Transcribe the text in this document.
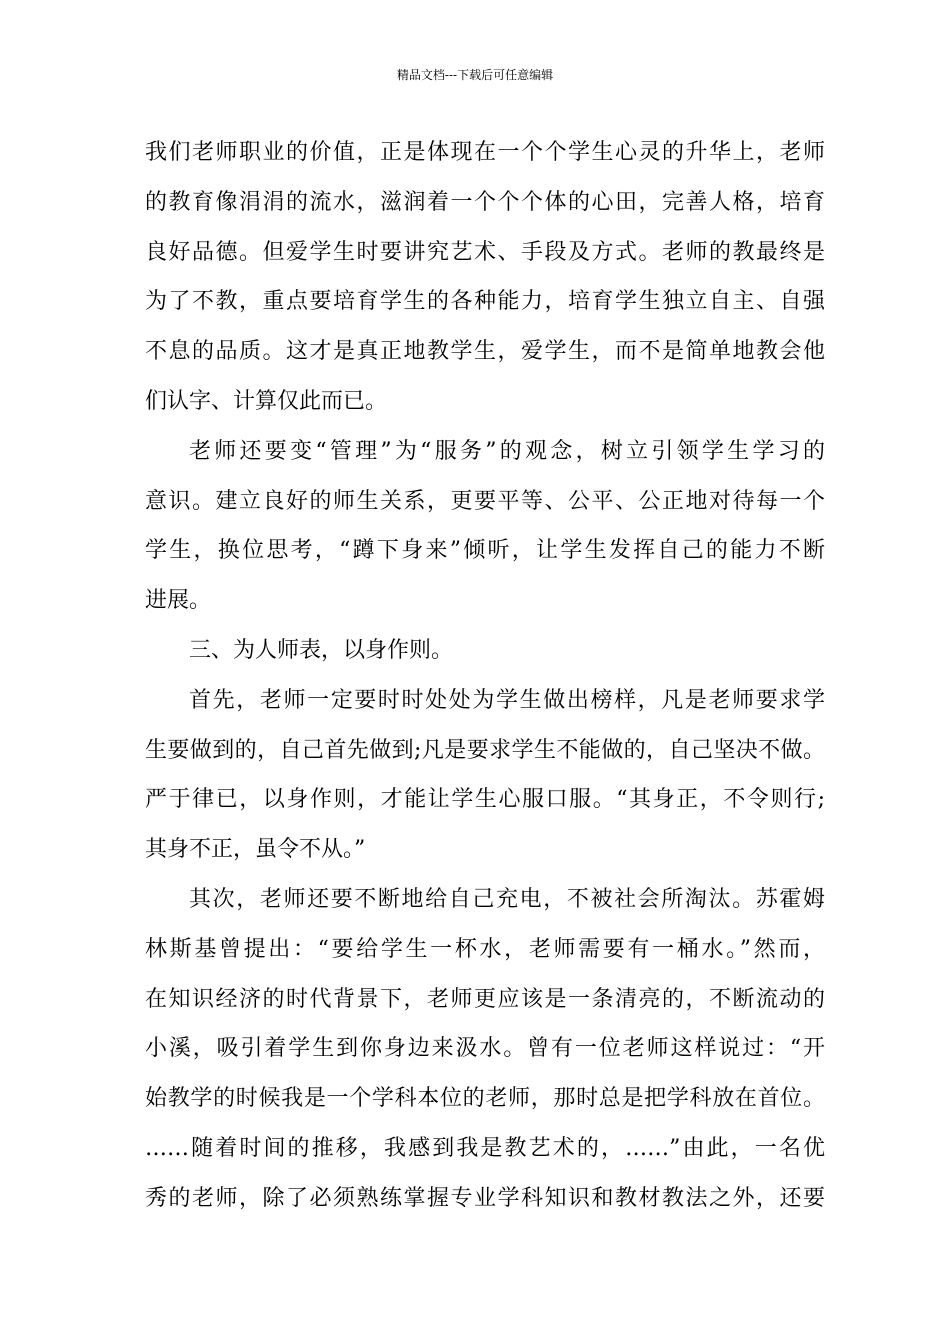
精品文档---下载后可任意编辑
我们老师职业的价值，正是体现在一个个学生心灵的升华上，老师
的教育像涓涓的流水，滋润着一个个个体的心田，完善人格，培育
良好品德。但爱学生时要讲究艺术、手段及方式。老师的教最终是
为了不教，重点要培育学生的各种能力，培育学生独立自主、自强
不息的品质。这才是真正地教学生，爱学生，而不是简单地教会他
们认字、计算仅此而已。
老师还要变“管理”为“服务”的观念，树立引领学生学习的
意识。建立良好的师生关系，更要平等、公平、公正地对待每一个
学生，换位思考，“蹲下身来”倾听，让学生发挥自己的能力不断
进展。
三、为人师表，以身作则。
首先，老师一定要时时处处为学生做出榜样，凡是老师要求学
生要做到的，自己首先做到;凡是要求学生不能做的，自己坚决不做。
严于律已，以身作则，才能让学生心服口服。“其身正，不令则行;
其身不正，虽令不从。”
其次，老师还要不断地给自己充电，不被社会所淘汰。苏霍姆
林斯基曾提出：“要给学生一杯水，老师需要有一桶水。”然而，
在知识经济的时代背景下，老师更应该是一条清亮的，不断流动的
小溪，吸引着学生到你身边来汲水。曾有一位老师这样说过：“开
始教学的时候我是一个学科本位的老师，那时总是把学科放在首位。
……随着时间的推移，我感到我是教艺术的，……”由此，一名优
秀的老师，除了必须熟练掌握专业学科知识和教材教法之外，还要
